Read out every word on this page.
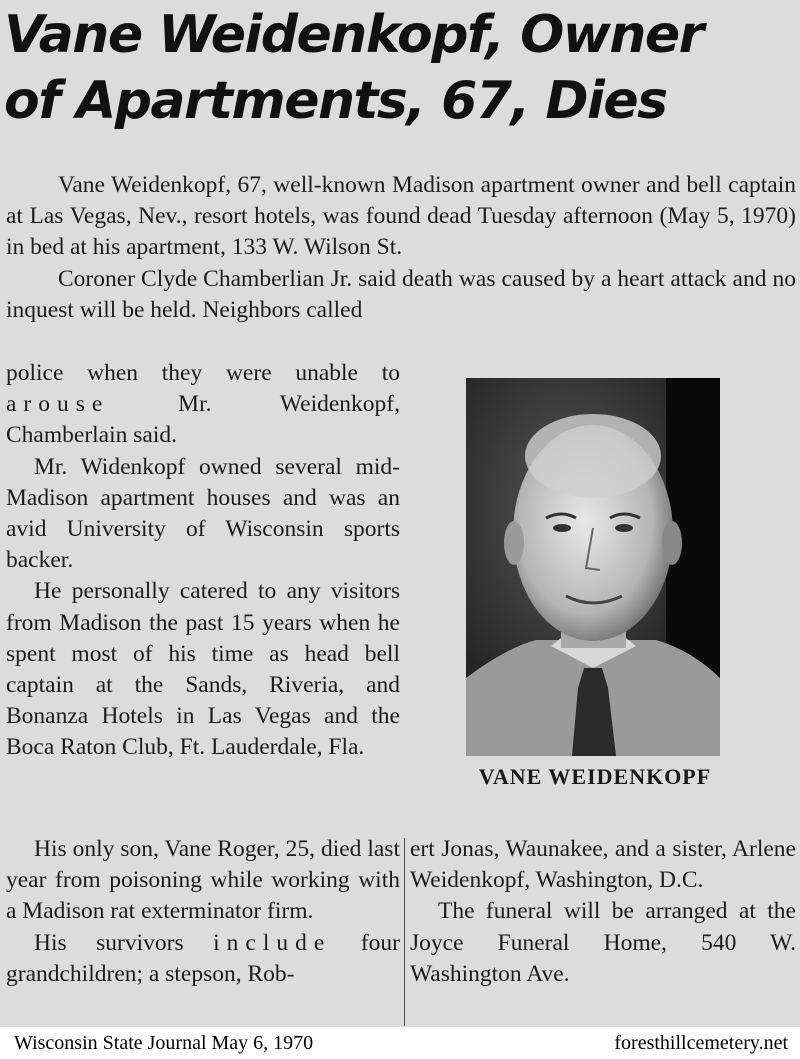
Vane Weidenkopf, Owner
of Apartments, 67, Dies

Vane Weidenkopf, 67, well-known Madison apartment owner and bell captain at Las Vegas, Nev., resort hotels, was found dead Tuesday afternoon (May 5, 1970) in bed at his apartment, 133 W. Wilson St.

Coroner Clyde Chamberlian Jr. said death was caused by a heart attack and no inquest will be held. Neighbors called

police when they were unable to arouse	Mr. Weidenkopf, Chamberlain said.

Mr. Widenkopf owned several mid-Madison apartment houses and was an avid University of Wisconsin sports backer.

He personally catered to any visitors from Madison the past 15 years when he spent most of his time as head bell captain at the Sands, Riveria, and Bonanza Hotels in Las Vegas and the Boca Raton Club, Ft. Lauderdale, Fla.

VANE WEIDENKOPF

His only son, Vane Roger, 25, died last year from poisoning while working with a Madison rat exterminator firm.

His survivors include four grandchildren; a stepson, Rob-

ert Jonas, Waunakee, and a sister, Arlene Weidenkopf, Washington, D.C.

The funeral will be arranged at the Joyce Funeral Home, 540 W. Washington Ave.

Wisconsin State Journal May 6, 1970	foresthillcemetery.net
